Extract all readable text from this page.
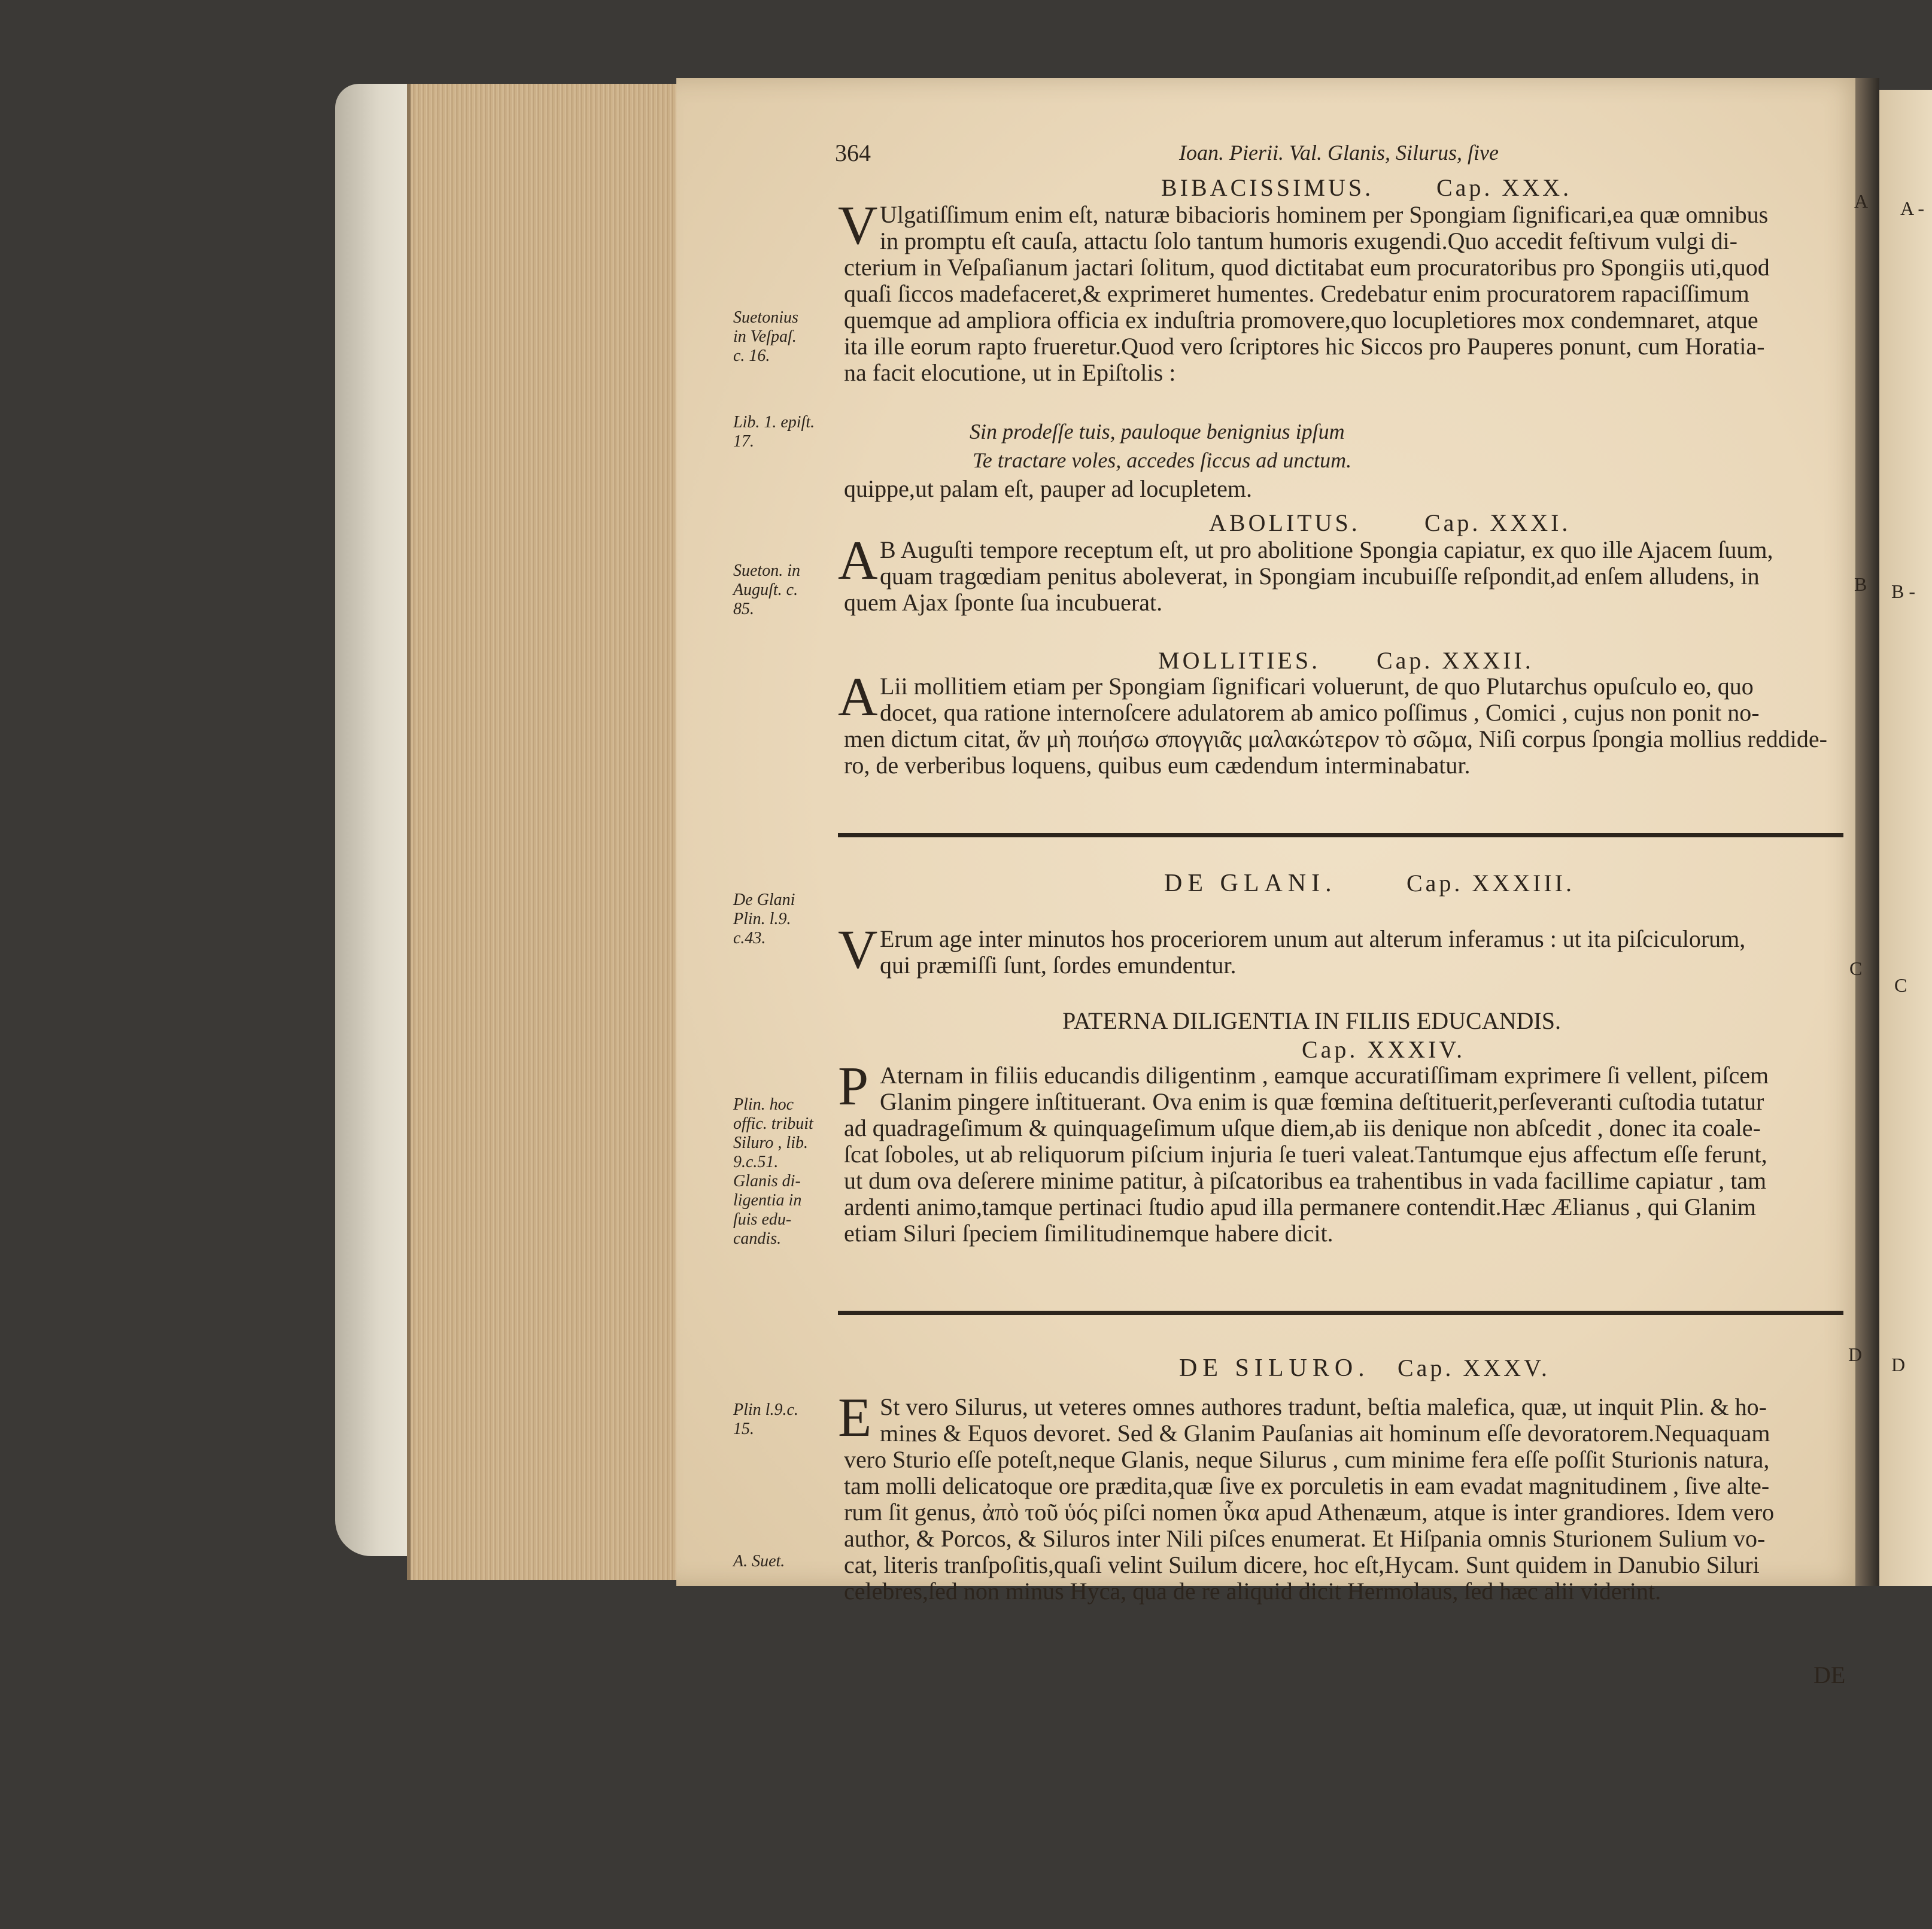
364	Ioan. Pierii. Val. Glanis, Silurus, ſive

BIBACISSIMUS.	Cap. XXX.

V Ulgatiſſimum enim eſt, naturæ bibacioris hominem per Spongiam ſignificari,ea quæ omnibus
in promptu eſt cauſa, attactu ſolo tantum humoris exugendi.Quo accedit feſtivum vulgi di-
cterium in Veſpaſianum jactari ſolitum, quod dictitabat eum procuratoribus pro Spongiis uti,quod
quaſi ſiccos madefaceret,& exprimeret humentes. Credebatur enim procuratorem rapaciſſimum
quemque ad ampliora officia ex induſtria promovere,quo locupletiores mox condemnaret, atque
ita ille eorum rapto frueretur.Quod vero ſcriptores hic Siccos pro Pauperes ponunt, cum Horatia-
na facit elocutione, ut in Epiſtolis :

Sin prodeſſe tuis, pauloque benignius ipſum

Te tractare voles, accedes ſiccus ad unctum.

quippe,ut palam eſt, pauper ad locupletem.

ABOLITUS.	Cap. XXXI.

A B Auguſti tempore receptum eſt, ut pro abolitione Spongia capiatur, ex quo ille Ajacem ſuum,
quam tragœdiam penitus aboleverat, in Spongiam incubuiſſe reſpondit,ad enſem alludens, in

quem Ajax ſponte ſua incubuerat.

MOLLITIES. Cap. XXXII.

A Lii mollitiem etiam per Spongiam ſignificari voluerunt, de quo Plutarchus opuſculo eo, quo
docet, qua ratione internoſcere adulatorem ab amico poſſimus , Comici , cujus non ponit no-
men dictum citat, ἄν μὴ ποιήσω σπογγιᾶς μαλακώτερον τὸ σῶμα, Niſi corpus ſpongia mollius reddide-
ro, de verberibus loquens, quibus eum cædendum interminabatur.

DE GLANI.	Cap. XXXIII.

V Erum age inter minutos hos proceriorem unum aut alterum inferamus : ut ita piſciculorum,
qui præmiſſi ſunt, ſordes emundentur.

PATERNA DILIGENTIA IN FILIIS EDUCANDIS.

Cap. XXXIV.

P Aternam in filiis educandis diligentinm , eamque accuratiſſimam exprimere ſi vellent, piſcem
Glanim pingere inſtituerant. Ova enim is quæ fœmina deſtituerit,perſeveranti cuſtodia tutatur
ad quadrageſimum & quinquageſimum uſque diem,ab iis denique non abſcedit , donec ita coale-
ſcat ſoboles, ut ab reliquorum piſcium injuria ſe tueri valeat.Tantumque ejus affectum eſſe ferunt,
ut dum ova deſerere minime patitur, à piſcatoribus ea trahentibus in vada facillime capiatur , tam
ardenti animo,tamque pertinaci ſtudio apud illa permanere contendit.Hæc Ælianus , qui Glanim
etiam Siluri ſpeciem ſimilitudinemque habere dicit.

DE SILURO. Cap. XXXV.

E St vero Silurus, ut veteres omnes authores tradunt, beſtia malefica, quæ, ut inquit Plin. & ho-
mines & Equos devoret. Sed & Glanim Pauſanias ait hominum eſſe devoratorem.Nequaquam
vero Sturio eſſe poteſt,neque Glanis, neque Silurus , cum minime fera eſſe poſſit Sturionis natura,
tam molli delicatoque ore prædita,quæ ſive ex porculetis in eam evadat magnitudinem , ſive alte-
rum ſit genus, ἀπὸ τοῦ ὑός piſci nomen ὗκα apud Athenæum, atque is inter grandiores. Idem vero
author, & Porcos, & Siluros inter Nili piſces enumerat. Et Hiſpania omnis Sturionem Sulium vo-
cat, literis tranſpoſitis,quaſi velint Suilum dicere, hoc eſt,Hycam. Sunt quidem in Danubio Siluri
celebres,ſed non minus Hyca, qua de re aliquid dicit Hermolaus, ſed hæc alii viderint.
Suetonius
in Veſpaſ.
c. 16.
Lib. 1. epiſt.
17.
Sueton. in
Auguſt. c.
85.
De Glani
Plin. l.9.
c.43.
Plin. hoc
offic. tribuit
Siluro , lib.
9.c.51.
Glanis di-
ligentia in
ſuis edu-
candis.
Plin l.9.c.
15.
A. Suet.
A
B
C
D
DE
A -
B -
C
D
